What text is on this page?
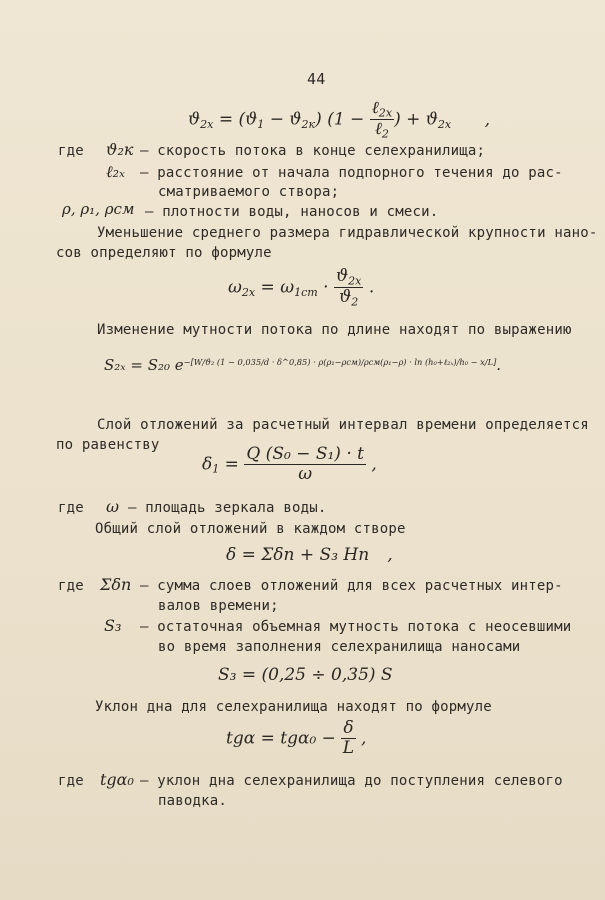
44
$ϑ_{2x} = (ϑ_1 - ϑ_{2к}) (1 - \frac{\ell_{2x}}{\ell_2}$ ) + $ϑ_{2x}$ ,
где ϑ₂к – скорость потока в конце селехранилища;
ℓ₂ₓ – расстояние от начала подпорного течения до рас-
сматриваемого створа;
ρ, ρ₁, ρсм – плотности воды, наносов и смеси.
Уменьшение среднего размера гидравлической крупности нано-
сов определяют по формуле
$\omega_{2x} = \omega_{1ст} \cdot \frac{ϑ_{2x}}{ϑ_2}$ .
Изменение мутности потока по длине находят по выражению
S₂ₓ = S₂₀ $e^{-[W/ϑ_2 (1 - 0,035/d \cdot \delta\^{}0,85) \cdot \rho(\rho_1-\rho см)/\rho см(\rho_1-\rho) \cdot ln (h_0+\ell_{2x})/h_0 - x/L]}$.
Слой отложений за расчетный интервал времени определяется
по равенству
$\delta_1 = \frac{\text{Q (S₀ − S₁) · t}}{\omega}$ ,
где ω – площадь зеркала воды.
Общий слой отложений в каждом створе
δ = Σδп + S₃ Hп ,
где Σδп – сумма слоев отложений для всех расчетных интер-
валов времени;
S₃ – остаточная объемная мутность потока с неосевшими
во время заполнения селехранилища наносами
S₃ = (0,25 ÷ 0,35) S
Уклон дна для селехранилища находят по формуле
$tg\alpha = tg\alpha_0 - \frac{\delta}{L}$ ,
где tgα₀ – уклон дна селехранилища до поступления селевого
паводка.
